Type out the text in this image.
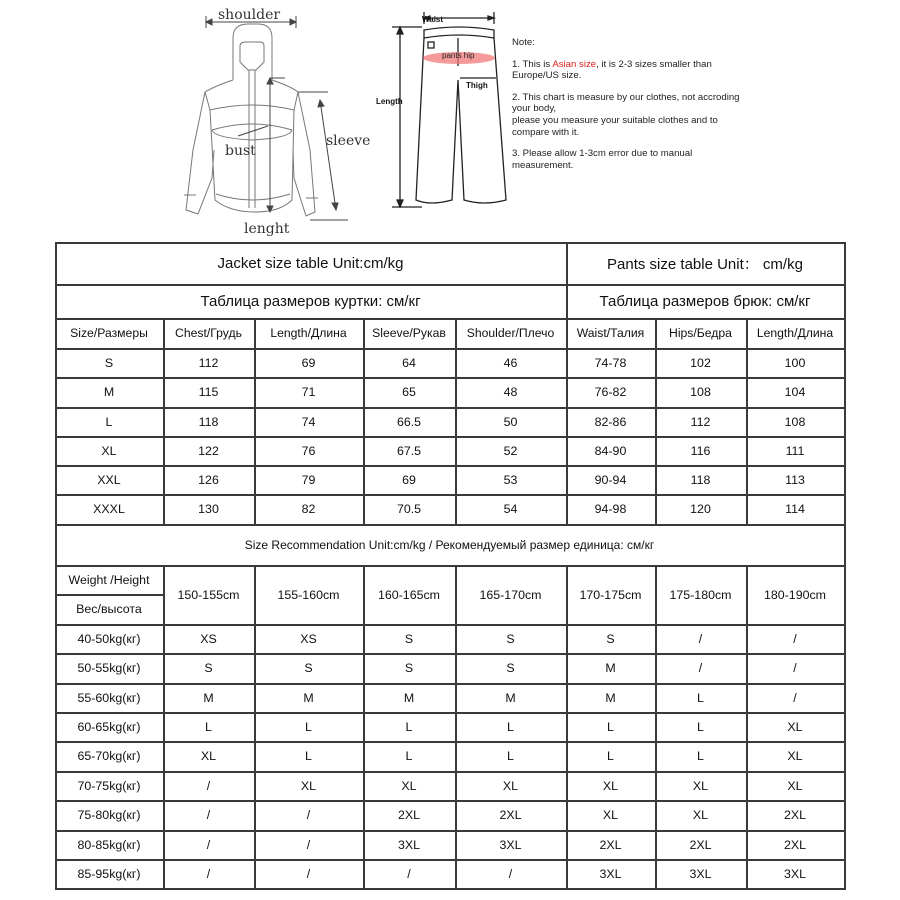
shoulder
bust
sleeve
lenght
Waist
pants hip
Thigh
Length

Note:

1. This is Asian size, it is 2-3 sizes smaller than Europe/US size.

2. This chart is measure by our clothes, not accroding your body,
please you measure your suitable clothes and to compare with it.

3. Please allow 1-3cm error due to manual measurement.

Jacket size table Unit:cm/kg
Таблица размеров куртки: см/кг
Pants size table Unit： cm/kg
Таблица размеров брюк: см/кг
Size/Размеры	Chest/Грудь	Length/Длина	Sleeve/Рукав	Shoulder/Плечо	Waist/Талия	Hips/Бедра	Length/Длина
S	112	69	64	46	74-78	102	100
M	115	71	65	48	76-82	108	104
L	118	74	66.5	50	82-86	112	108
XL	122	76	67.5	52	84-90	116	111
XXL	126	79	69	53	90-94	118	113
XXXL	130	82	70.5	54	94-98	120	114
Size Recommendation Unit:cm/kg / Рекомендуемый размер единица: см/кг
Weight /Height
Вес/высота
150-155cm	155-160cm	160-165cm	165-170cm	170-175cm	175-180cm	180-190cm
40-50kg(кг)	XS	XS	S	S	S	/	/
50-55kg(кг)	S	S	S	S	M	/	/
55-60kg(кг)	M	M	M	M	M	L	/
60-65kg(кг)	L	L	L	L	L	L	XL
65-70kg(кг)	XL	L	L	L	L	L	XL
70-75kg(кг)	/	XL	XL	XL	XL	XL	XL
75-80kg(кг)	/	/	2XL	2XL	XL	XL	2XL
80-85kg(кг)	/	/	3XL	3XL	2XL	2XL	2XL
85-95kg(кг)	/	/	/	/	3XL	3XL	3XL
